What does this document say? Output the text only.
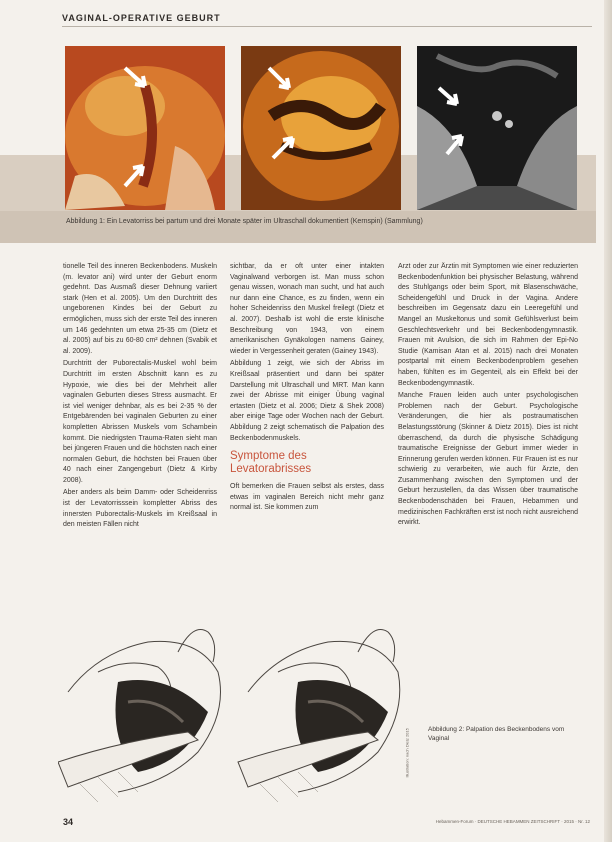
VAGINAL-OPERATIVE GEBURT
Abbildung 1: Ein Levatorriss bei partum und drei Monate später im Ultraschall dokumentiert (Kernspin) (Sammlung)

tionelle Teil des inneren Beckenbodens. Muskeln (m. levator ani) wird unter der Geburt enorm gedehnt. Das Ausmaß dieser Dehnung variiert stark (Hen et al. 2005). Um den Durchtritt des ungeborenen Kindes bei der Geburt zu ermöglichen, muss sich der erste Teil des inneren um 146 gedehnten um etwa 25-35 cm (Dietz et al. 2005) auf bis zu 60-80 cm² dehnen (Svabik et al. 2009).

Durchtritt der Puborectalis-Muskel wohl beim Durchtritt im ersten Abschnitt kann es zu Hypoxie, wie dies bei der Mehrheit aller vaginalen Geburten dieses Stress ausmacht. Er ist viel weniger dehnbar, als es bei 2-35 % der Entgebärenden bei vaginalen Geburten zu einer kompletten Abrissen Muskels vom Schambein kommt. Die niedrigsten Trauma-Raten sieht man bei jüngeren Frauen und die höchsten nach einer normalen Geburt, die höchsten bei Frauen über 40 nach einer Zangengeburt (Dietz & Kirby 2008).

Aber anders als beim Damm- oder Scheidenriss ist der Levatorrisssein kompletter Abriss des innersten Puborectalis-Muskels im Kreißsaal in den meisten Fällen nicht

sichtbar, da er oft unter einer intakten Vaginalwand verborgen ist. Man muss schon genau wissen, wonach man sucht, und hat auch nur dann eine Chance, es zu finden, wenn ein hoher Scheidenriss den Muskel freilegt (Dietz et al. 2007). Deshalb ist wohl die erste klinische Beschreibung von 1943, von einem amerikanischen Gynäkologen namens Gainey, wieder in Vergessenheit geraten (Gainey 1943).

Abbildung 1 zeigt, wie sich der Abriss im Kreißsaal präsentiert und dann bei später Darstellung mit Ultraschall und MRT. Man kann zwei der Abrisse mit einiger Übung vaginal ertasten (Dietz et al. 2006; Dietz & Shek 2008) aber einige Tage oder Wochen nach der Geburt. Abbildung 2 zeigt schematisch die Palpation des Beckenbodenmuskels.

Symptome des Levatorabrisses

Oft bemerken die Frauen selbst als erstes, dass etwas im vaginalen Bereich nicht mehr ganz normal ist. Sie kommen zum

Arzt oder zur Ärztin mit Symptomen wie einer reduzierten Beckenbodenfunktion bei physischer Belastung, während des Stuhlgangs oder beim Sport, mit Blasenschwäche, Scheidengefühl und Druck in der Vagina. Andere beschreiben im Gegensatz dazu ein Leeregefühl und Mangel an Muskeltonus und somit Gefühlsverlust beim Geschlechtsverkehr und bei Beckenbodengymnastik. Frauen mit Avulsion, die sich im Rahmen der Epi-No Studie (Kamisan Atan et al. 2015) nach drei Monaten postpartal mit einem Beckenbodenproblem gesehen haben, fühlten es im Gegenteil, als ein Effekt bei der Beckenbodengymnastik.

Manche Frauen leiden auch unter psychologischen Problemen nach der Geburt. Psychologische Veränderungen, die hier als postraumatischen Belastungsstörung (Skinner & Dietz 2015). Dies ist nicht überraschend, da durch die physische Schädigung traumatische Ereignisse der Geburt immer wieder in Erinnerung gerufen werden können. Für Frauen ist es nur schwierig zu verarbeiten, wie auch für Ärzte, den Zusammenhang zwischen den Symptomen und der Geburt herzustellen, da das Wissen über traumatische Beckenbodenschäden bei Frauen, Hebammen und medizinischen Fachkräften erst ist noch nicht ausreichend erwirkt.

Illustration: nach Dietz 2015	Abbildung 2: Palpation des Beckenbodens vom Vaginal
34	Hebammen-Forum · DEUTSCHE HEBAMMEN ZEITSCHRIFT · 2015 · Nr. 12
